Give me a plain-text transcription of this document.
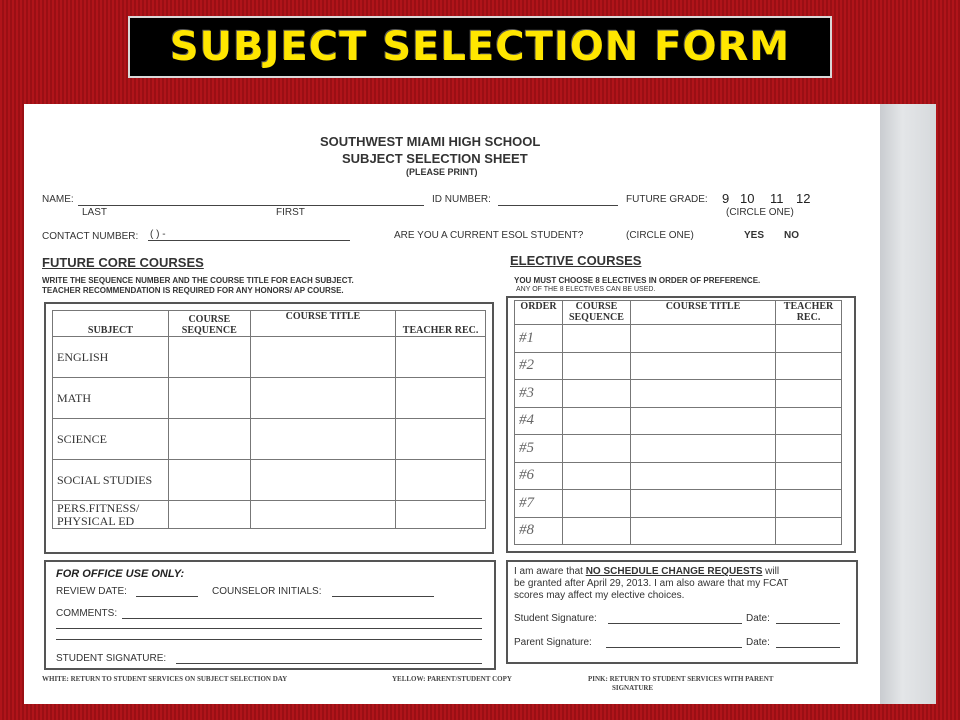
SUBJECT SELECTION FORM
SOUTHWEST MIAMI HIGH SCHOOL
SUBJECT SELECTION SHEET
(PLEASE PRINT)
NAME:
LAST	FIRST
ID NUMBER:	FUTURE GRADE: 9 10 11 12
(CIRCLE ONE)
CONTACT NUMBER: ( ) -	ARE YOU A CURRENT ESOL STUDENT?	(CIRCLE ONE)	YES NO
FUTURE CORE COURSES
WRITE THE SEQUENCE NUMBER AND THE COURSE TITLE FOR EACH SUBJECT.
TEACHER RECOMMENDATION IS REQUIRED FOR ANY HONORS/ AP COURSE.
SUBJECT	COURSE SEQUENCE	COURSE TITLE	TEACHER REC.
ENGLISH			
MATH			
SCIENCE			
SOCIAL STUDIES			
PERS.FITNESS/ PHYSICAL ED			
ELECTIVE COURSES
YOU MUST CHOOSE 8 ELECTIVES IN ORDER OF PREFERENCE.
ANY OF THE 8 ELECTIVES CAN BE USED.
ORDER	COURSE SEQUENCE	COURSE TITLE	TEACHER REC.
#1			
#2			
#3			
#4			
#5			
#6			
#7			
#8			
FOR OFFICE USE ONLY:
REVIEW DATE:	COUNSELOR INITIALS:
COMMENTS:
STUDENT SIGNATURE:
I am aware that NO SCHEDULE CHANGE REQUESTS will
be granted after April 29, 2013. I am also aware that my FCAT
scores may affect my elective choices.
Student Signature:	Date:
Parent Signature:	Date:
WHITE: RETURN TO STUDENT SERVICES ON SUBJECT SELECTION DAY	YELLOW: PARENT/STUDENT COPY	PINK: RETURN TO STUDENT SERVICES WITH PARENT
SIGNATURE
